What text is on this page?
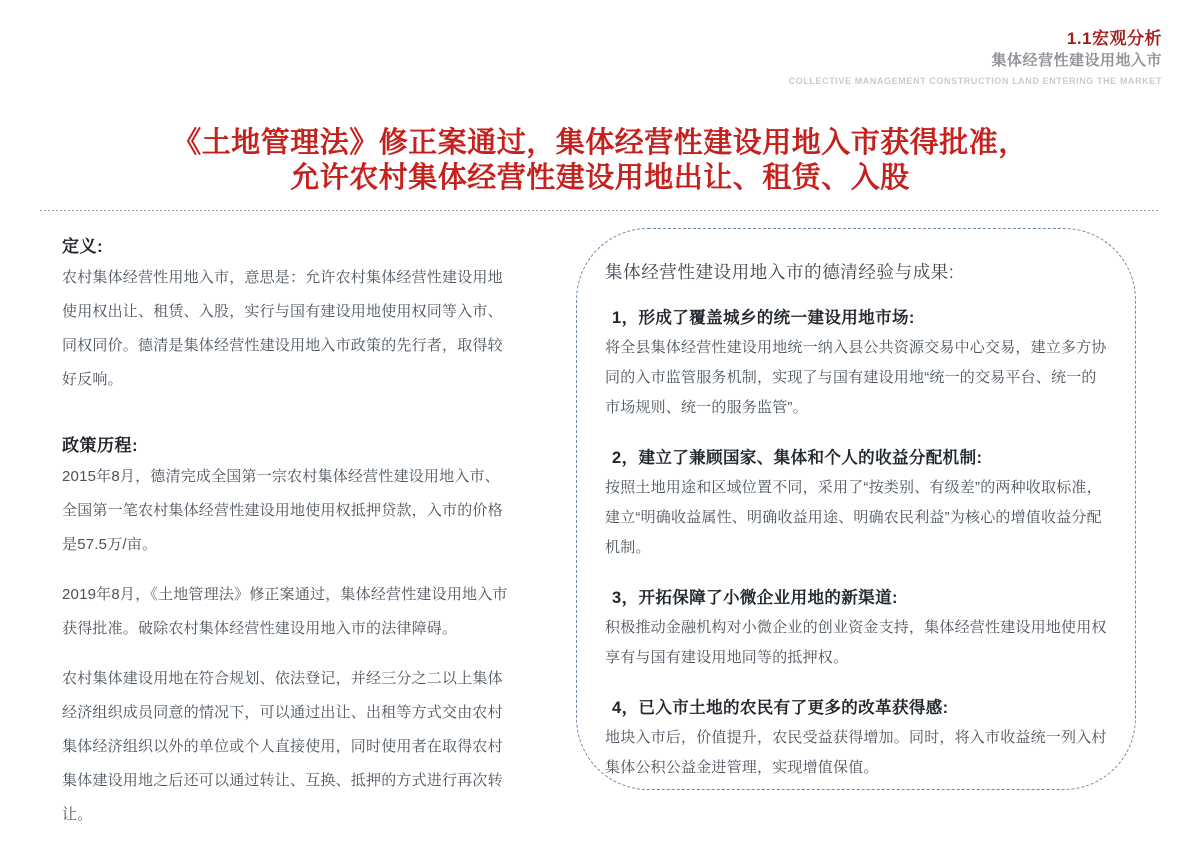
1.1宏观分析
集体经营性建设用地入市
COLLECTIVE MANAGEMENT CONSTRUCTION LAND ENTERING THE MARKET
《土地管理法》修正案通过，集体经营性建设用地入市获得批准，
允许农村集体经营性建设用地出让、租赁、入股
定义:

农村集体经营性用地入市，意思是：允许农村集体经营性建设用地使用权出让、租赁、入股，实行与国有建设用地使用权同等入市、同权同价。德清是集体经营性建设用地入市政策的先行者，取得较好反响。

政策历程:

2015年8月，德清完成全国第一宗农村集体经营性建设用地入市、全国第一笔农村集体经营性建设用地使用权抵押贷款，入市的价格是57.5万/亩。

2019年8月，《土地管理法》修正案通过，集体经营性建设用地入市获得批准。破除农村集体经营性建设用地入市的法律障碍。

农村集体建设用地在符合规划、依法登记，并经三分之二以上集体经济组织成员同意的情况下，可以通过出让、出租等方式交由农村集体经济组织以外的单位或个人直接使用，同时使用者在取得农村集体建设用地之后还可以通过转让、互换、抵押的方式进行再次转让。

集体经营性建设用地入市的德清经验与成果:

1，形成了覆盖城乡的统一建设用地市场:

将全县集体经营性建设用地统一纳入县公共资源交易中心交易，建立多方协同的入市监管服务机制，实现了与国有建设用地“统一的交易平台、统一的市场规则、统一的服务监管”。

2，建立了兼顾国家、集体和个人的收益分配机制:

按照土地用途和区域位置不同，采用了“按类别、有级差”的两种收取标准，建立“明确收益属性、明确收益用途、明确农民利益”为核心的增值收益分配机制。

3，开拓保障了小微企业用地的新渠道:

积极推动金融机构对小微企业的创业资金支持，集体经营性建设用地使用权享有与国有建设用地同等的抵押权。

4，已入市土地的农民有了更多的改革获得感:

地块入市后，价值提升，农民受益获得增加。同时，将入市收益统一列入村集体公积公益金进管理，实现增值保值。
